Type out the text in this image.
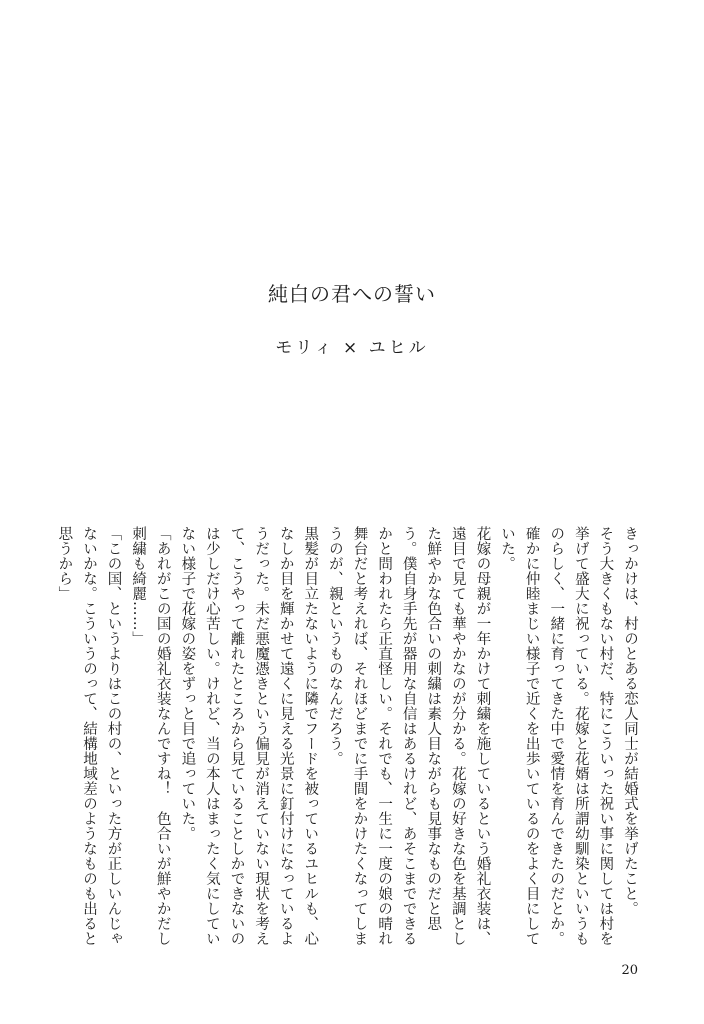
純白の君への誓い
モリィ × ユヒル

きっかけは、村のとある恋人同士が結婚式を挙げたこと。

そう大きくもない村だ、特にこういった祝い事に関しては村を挙げて盛大に祝っている。花嫁と花婿は所謂幼馴染といいうものらしく、一緒に育ってきた中で愛情を育んできたのだとか。確かに仲睦まじい様子で近くを出歩いているのをよく目にしていた。

花嫁の母親が一年かけて刺繍を施しているという婚礼衣装は、遠目で見ても華やかなのが分かる。花嫁の好きな色を基調とした鮮やかな色合いの刺繍は素人目ながらも見事なものだと思う。僕自身手先が器用な自信はあるけれど、あそこまでできるかと問われたら正直怪しい。それでも、一生に一度の娘の晴れ舞台だと考えれば、それほどまでに手間をかけたくなってしまうのが、親というものなんだろう。

黒髪が目立たないように隣でフードを被っているユヒルも、心なしか目を輝かせて遠くに見える光景に釘付けになっているようだった。未だ悪魔憑きという偏見が消えていない現状を考えて、こうやって離れたところから見ていることしかできないのは少しだけ心苦しい。けれど、当の本人はまったく気にしていない様子で花嫁の姿をずっと目で追っていた。

「あれがこの国の婚礼衣装なんですね！　色合いが鮮やかだし刺繍も綺麗……」

「この国、というよりはこの村の、といった方が正しいんじゃないかな。こういうのって、結構地域差のようなものも出ると思うから」

20
